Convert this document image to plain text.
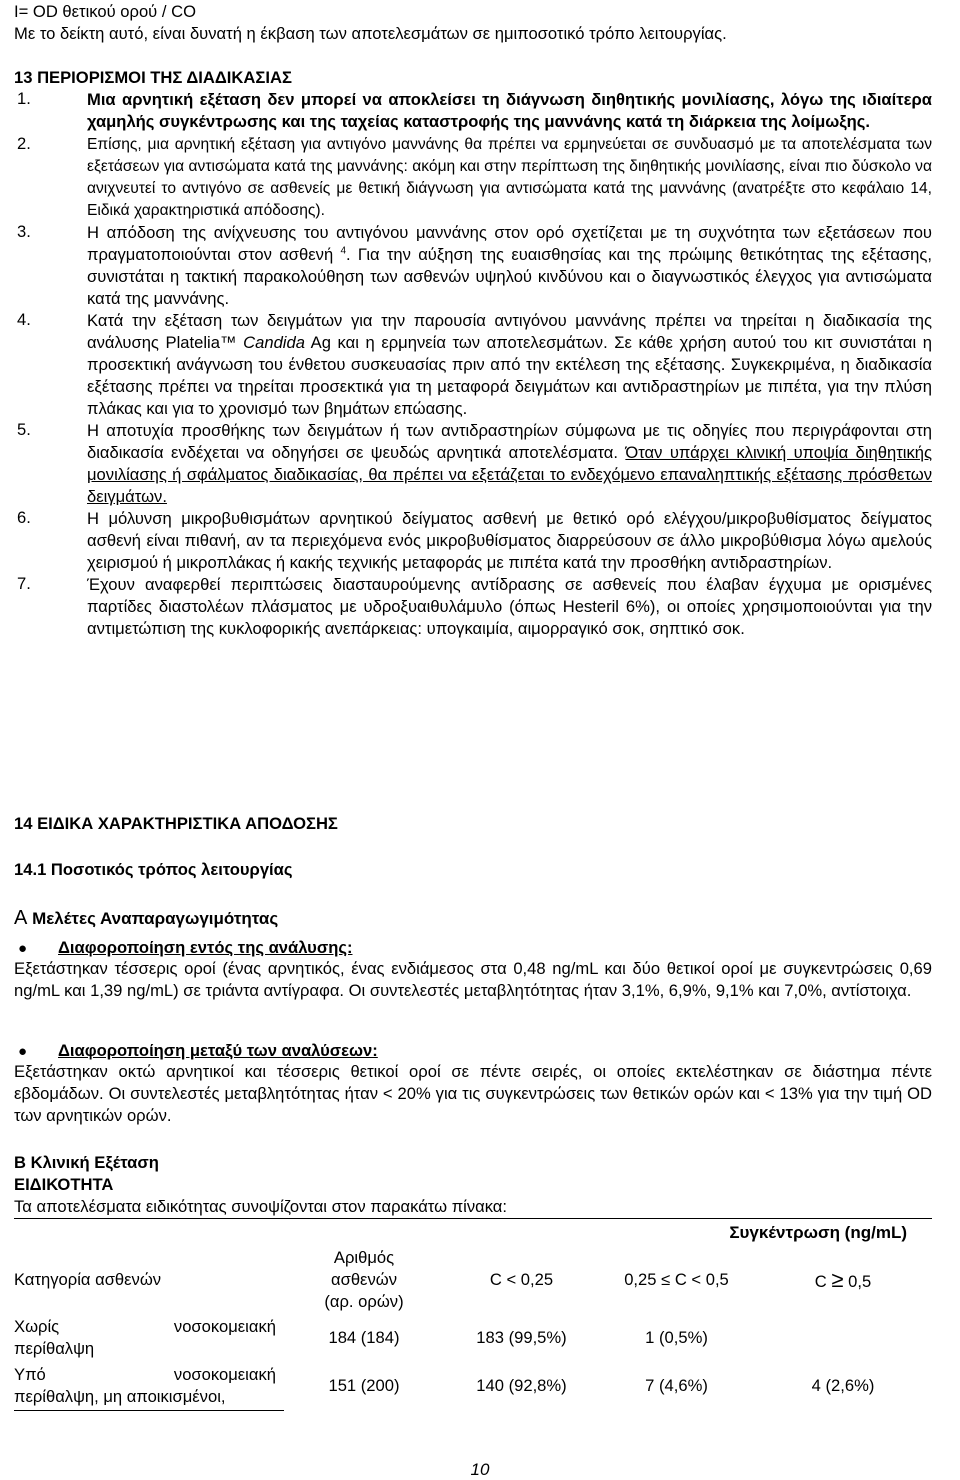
I= OD θετικού ορού / CO

Με το δείκτη αυτό, είναι δυνατή η έκβαση των αποτελεσμάτων σε ημιποσοτικό τρόπο λειτουργίας.

13 ΠΕΡΙΟΡΙΣΜΟΙ ΤΗΣ ΔΙΑΔΙΚΑΣΙΑΣ

1.	Μια αρνητική εξέταση δεν μπορεί να αποκλείσει τη διάγνωση διηθητικής μονιλίασης, λόγω της ιδιαίτερα χαμηλής συγκέντρωσης και της ταχείας καταστροφής της μαννάνης κατά τη διάρκεια της λοίμωξης.
2.	Επίσης, μια αρνητική εξέταση για αντιγόνο μαννάνης θα πρέπει να ερμηνεύεται σε συνδυασμό με τα αποτελέσματα των εξετάσεων για αντισώματα κατά της μαννάνης: ακόμη και στην περίπτωση της διηθητικής μονιλίασης, είναι πιο δύσκολο να ανιχνευτεί το αντιγόνο σε ασθενείς με θετική διάγνωση για αντισώματα κατά της μαννάνης (ανατρέξτε στο κεφάλαιο 14, Ειδικά χαρακτηριστικά απόδοσης).
3.	Η απόδοση της ανίχνευσης του αντιγόνου μαννάνης στον ορό σχετίζεται με τη συχνότητα των εξετάσεων που πραγματοποιούνται στον ασθενή $^4$. Για την αύξηση της ευαισθησίας και της πρώιμης θετικότητας της εξέτασης, συνιστάται η τακτική παρακολούθηση των ασθενών υψηλού κινδύνου και ο διαγνωστικός έλεγχος για αντισώματα κατά της μαννάνης.
4.	Κατά την εξέταση των δειγμάτων για την παρουσία αντιγόνου μαννάνης πρέπει να τηρείται η διαδικασία της ανάλυσης Platelia™ Candida Ag και η ερμηνεία των αποτελεσμάτων. Σε κάθε χρήση αυτού του κιτ συνιστάται η προσεκτική ανάγνωση του ένθετου συσκευασίας πριν από την εκτέλεση της εξέτασης. Συγκεκριμένα, η διαδικασία εξέτασης πρέπει να τηρείται προσεκτικά για τη μεταφορά δειγμάτων και αντιδραστηρίων με πιπέτα, για την πλύση πλάκας και για το χρονισμό των βημάτων επώασης.
5.	Η αποτυχία προσθήκης των δειγμάτων ή των αντιδραστηρίων σύμφωνα με τις οδηγίες που περιγράφονται στη διαδικασία ενδέχεται να οδηγήσει σε ψευδώς αρνητικά αποτελέσματα. Όταν υπάρχει κλινική υποψία διηθητικής μονιλίασης ή σφάλματος διαδικασίας, θα πρέπει να εξετάζεται το ενδεχόμενο επαναληπτικής εξέτασης πρόσθετων δειγμάτων.
6.	Η μόλυνση μικροβυθισμάτων αρνητικού δείγματος ασθενή με θετικό ορό ελέγχου/μικροβυθίσματος δείγματος ασθενή είναι πιθανή, αν τα περιεχόμενα ενός μικροβυθίσματος διαρρεύσουν σε άλλο μικροβύθισμα λόγω αμελούς χειρισμού ή μικροπλάκας ή κακής τεχνικής μεταφοράς με πιπέτα κατά την προσθήκη αντιδραστηρίων.
7.	Έχουν αναφερθεί περιπτώσεις διασταυρούμενης αντίδρασης σε ασθενείς που έλαβαν έγχυμα με ορισμένες παρτίδες διαστολέων πλάσματος με υδροξυαιθυλάμυλο (όπως Hesteril 6%), οι οποίες χρησιμοποιούνται για την αντιμετώπιση της κυκλοφορικής ανεπάρκειας: υπογκαιμία, αιμορραγικό σοκ, σηπτικό σοκ.

14 ΕΙΔΙΚΑ ΧΑΡΑΚΤΗΡΙΣΤΙΚΑ ΑΠΟΔΟΣΗΣ

14.1 Ποσοτικός τρόπος λειτουργίας

A Μελέτες Αναπαραγωγιμότητας

●	Διαφοροποίηση εντός της ανάλυσης:

Εξετάστηκαν τέσσερις οροί (ένας αρνητικός, ένας ενδιάμεσος στα 0,48 ng/mL και δύο θετικοί οροί με συγκεντρώσεις 0,69 ng/mL και 1,39 ng/mL) σε τριάντα αντίγραφα. Οι συντελεστές μεταβλητότητας ήταν 3,1%, 6,9%, 9,1% και 7,0%, αντίστοιχα.

●	Διαφοροποίηση μεταξύ των αναλύσεων:

Εξετάστηκαν οκτώ αρνητικοί και τέσσερις θετικοί οροί σε πέντε σειρές, οι οποίες εκτελέστηκαν σε διάστημα πέντε εβδομάδων. Οι συντελεστές μεταβλητότητας ήταν < 20% για τις συγκεντρώσεις των θετικών ορών και < 13% για την τιμή OD των αρνητικών ορών.

B Κλινική Εξέταση

ΕΙΔΙΚΟΤΗΤΑ

Τα αποτελέσματα ειδικότητας συνοψίζονται στον παρακάτω πίνακα:

		Συγκέντρωση (ng/mL)		
Κατηγορία ασθενών	Αριθμός
ασθενών
(αρ. ορών)	C < 0,25	0,25 ≤ C < 0,5	C ≥ 0,5

Χωρίς νοσοκομειακή
περίθαλψη	184 (184)	183 (99,5%)	1 (0,5%)	

Υπό νοσοκομειακή
περίθαλψη, μη αποικισμένοι,	151 (200)	140 (92,8%)	7 (4,6%)	4 (2,6%)
10
